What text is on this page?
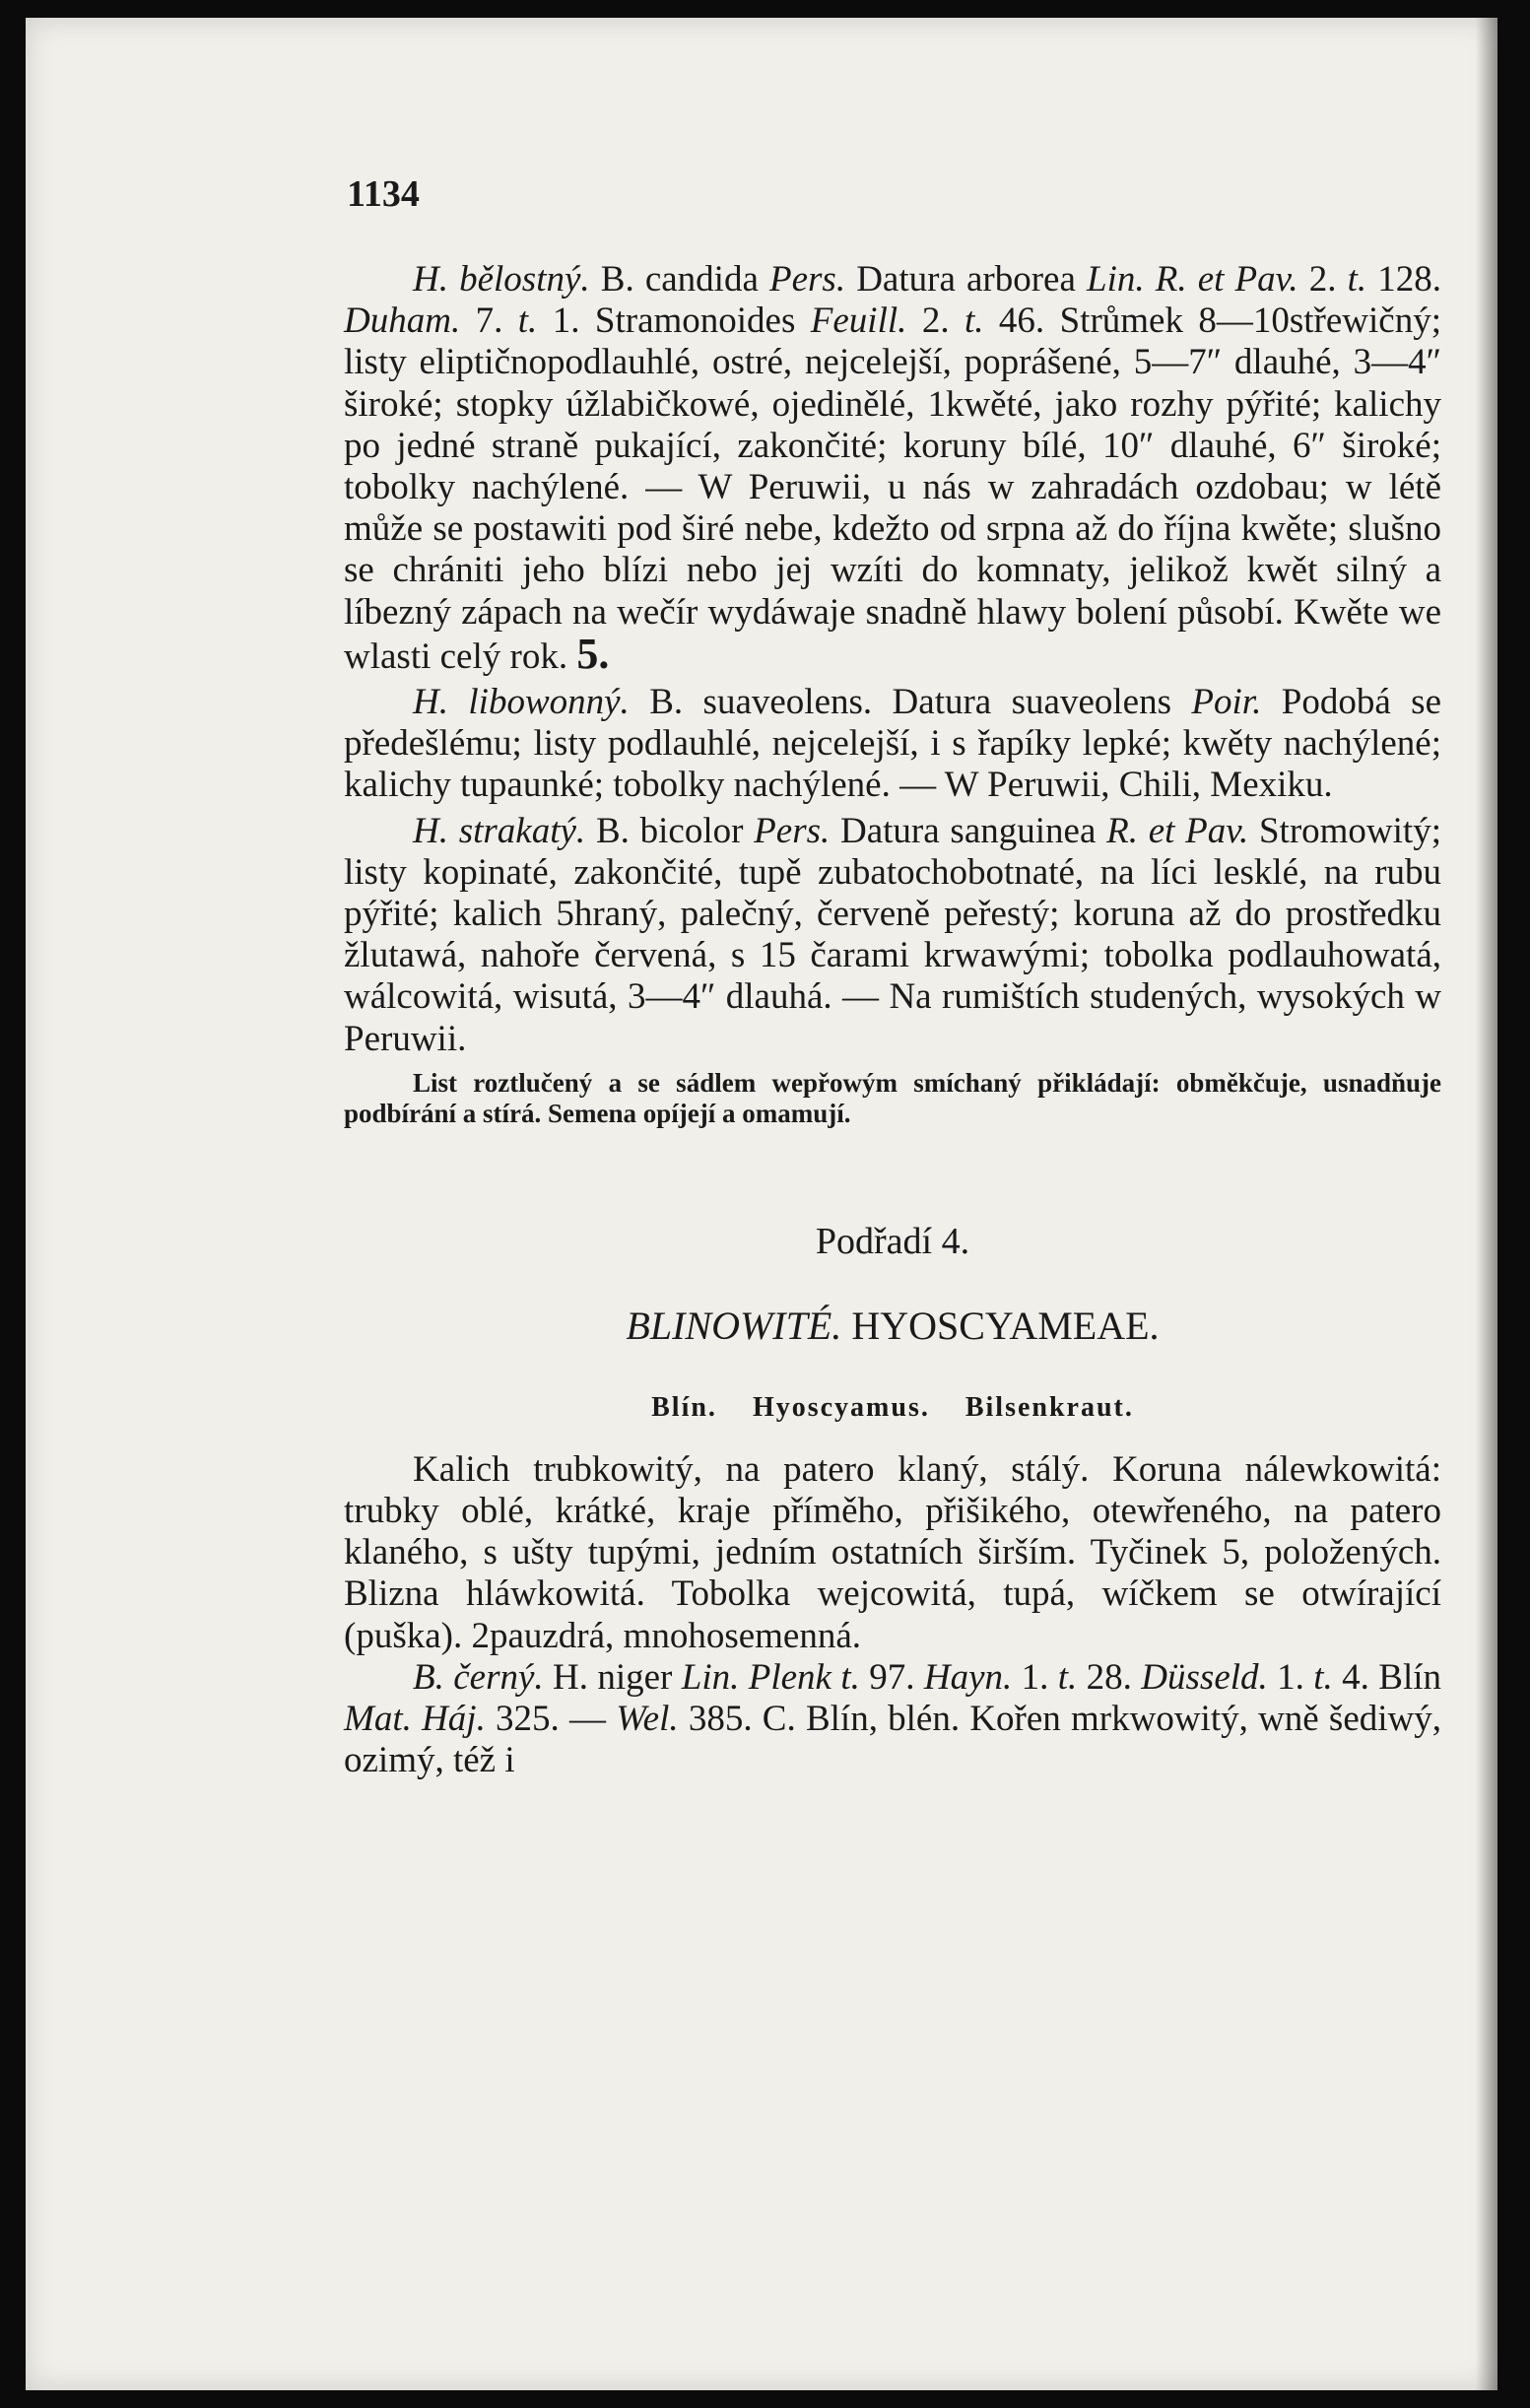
1134

H. bělostný. B. candida Pers. Datura arborea Lin. R. et Pav. 2. t. 128. Duham. 7. t. 1. Stramonoides Feuill. 2. t. 46. Strůmek 8—10střewičný; listy eliptičnopodlauhlé, ostré, nejcelejší, poprášené, 5—7″ dlauhé, 3—4″ široké; stopky úžlabičkowé, ojedinělé, 1kwěté, jako rozhy pýřité; kalichy po jedné straně pukající, zakončité; koruny bílé, 10″ dlauhé, 6″ široké; tobolky nachýlené. — W Peruwii, u nás w zahradách ozdobau; w létě může se postawiti pod širé nebe, kdežto od srpna až do října kwěte; slušno se chrániti jeho blízi nebo jej wzíti do komnaty, jelikož kwět silný a líbezný zápach na wečír wydáwaje snadně hlawy bolení působí. Kwěte we wlasti celý rok. 5.

H. libowonný. B. suaveolens. Datura suaveolens Poir. Podobá se předešlému; listy podlauhlé, nejcelejší, i s řapíky lepké; kwěty nachýlené; kalichy tupaunké; tobolky nachýlené. — W Peruwii, Chili, Mexiku.

H. strakatý. B. bicolor Pers. Datura sanguinea R. et Pav. Stromowitý; listy kopinaté, zakončité, tupě zubatochobotnaté, na líci lesklé, na rubu pýřité; kalich 5hraný, palečný, červeně peřestý; koruna až do prostředku žlutawá, nahoře červená, s 15 čarami krwawými; tobolka podlauhowatá, wálcowitá, wisutá, 3—4″ dlauhá. — Na rumištích studených, wysokých w Peruwii.

List roztlučený a se sádlem wepřowým smíchaný přikládají: obměkčuje, usnadňuje podbírání a stírá. Semena opíjejí a omamují.

Podřadí 4.

BLINOWITÉ. HYOSCYAMEAE.

Blín. Hyoscyamus. Bilsenkraut.

Kalich trubkowitý, na patero klaný, stálý. Koruna nálewkowitá: trubky oblé, krátké, kraje příměho, přišikého, otewřeného, na patero klaného, s ušty tupými, jedním ostatních širším. Tyčinek 5, položených. Blizna hláwkowitá. Tobolka wejcowitá, tupá, wíčkem se otwírající (puška). 2pauzdrá, mnohosemenná.

B. černý. H. niger Lin. Plenk t. 97. Hayn. 1. t. 28. Düsseld. 1. t. 4. Blín Mat. Háj. 325. — Wel. 385. C. Blín, blén. Kořen mrkwowitý, wně šediwý, ozimý, též i
